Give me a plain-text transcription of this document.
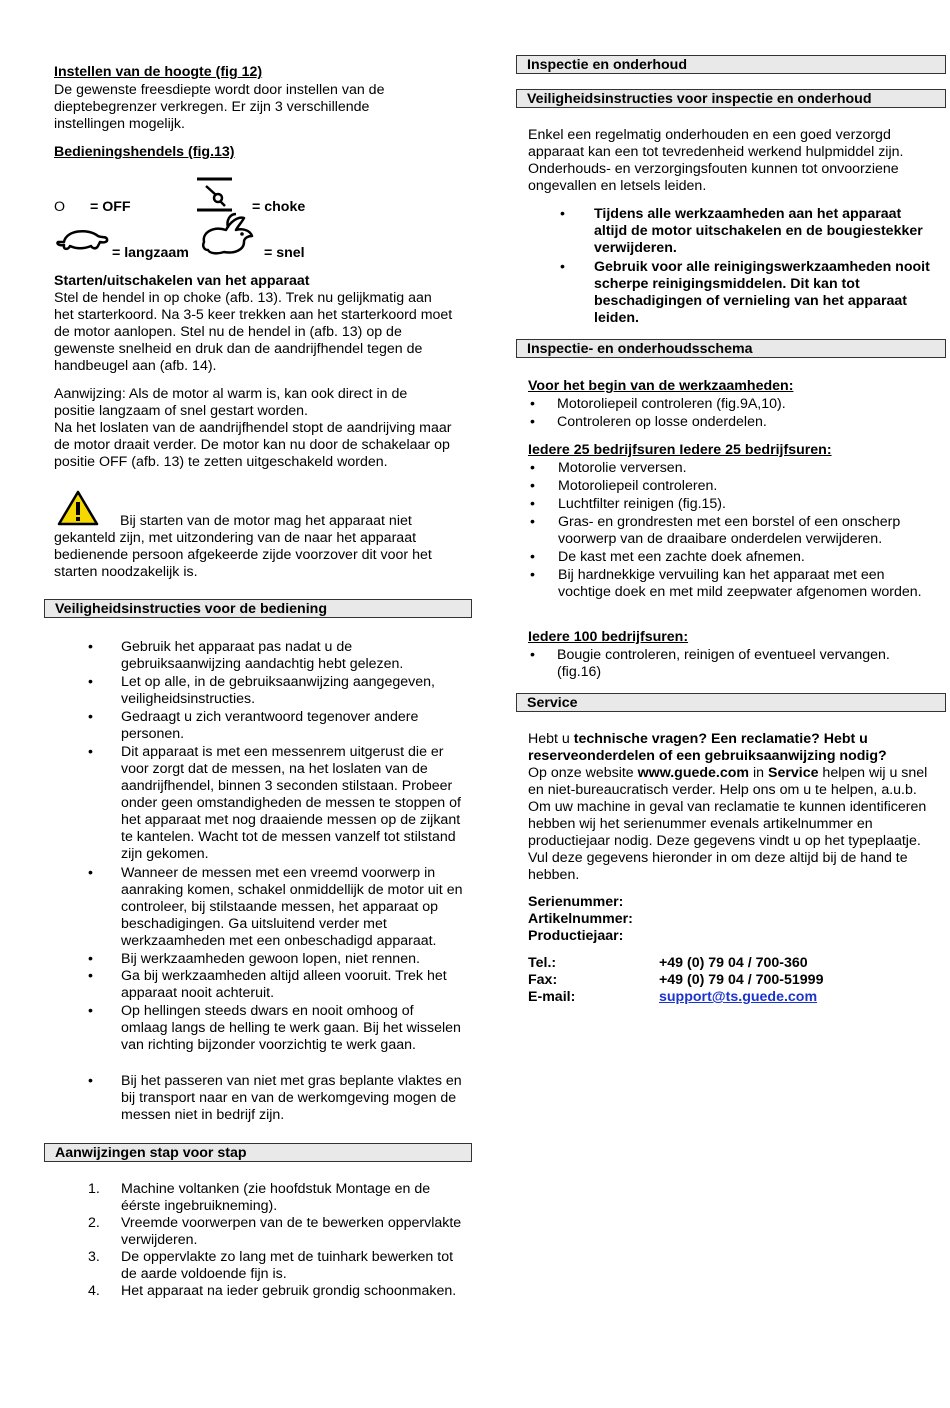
Instellen van de hoogte (fig 12)

De gewenste freesdiepte wordt door instellen van de dieptebegrenzer verkregen. Er zijn 3 verschillende instellingen mogelijk.

Bedieningshendels (fig.13)

O = OFF	= choke
= langzaam	= snel

Starten/uitschakelen van het apparaat

Stel de hendel in op choke (afb. 13). Trek nu gelijkmatig aan het starterkoord. Na 3-5 keer trekken aan het starterkoord moet de motor aanlopen. Stel nu de hendel in (afb. 13) op de gewenste snelheid en druk dan de aandrijfhendel tegen de handbeugel aan (afb. 14).

Aanwijzing: Als de motor al warm is, kan ook direct in de positie langzaam of snel gestart worden.

Na het loslaten van de aandrijfhendel stopt de aandrijving maar de motor draait verder. De motor kan nu door de schakelaar op positie OFF (afb. 13) te zetten uitgeschakeld worden.

Bij starten van de motor mag het apparaat niet gekanteld zijn, met uitzondering van de naar het apparaat bedienende persoon afgekeerde zijde voorzover dit voor het starten noodzakelijk is.

Veiligheidsinstructies voor de bediening
•	Gebruik het apparaat pas nadat u de gebruiksaanwijzing aandachtig hebt gelezen.
•	Let op alle, in de gebruiksaanwijzing aangegeven, veiligheidsinstructies.
•	Gedraagt u zich verantwoord tegenover andere personen.
•	Dit apparaat is met een messenrem uitgerust die er voor zorgt dat de messen, na het loslaten van de aandrijfhendel, binnen 3 seconden stilstaan. Probeer onder geen omstandigheden de messen te stoppen of het apparaat met nog draaiende messen op de zijkant te kantelen. Wacht tot de messen vanzelf tot stilstand zijn gekomen.
•	Wanneer de messen met een vreemd voorwerp in aanraking komen, schakel onmiddellijk de motor uit en controleer, bij stilstaande messen, het apparaat op beschadigingen. Ga uitsluitend verder met werkzaamheden met een onbeschadigd apparaat.
•	Bij werkzaamheden gewoon lopen, niet rennen.
•	Ga bij werkzaamheden altijd alleen vooruit. Trek het apparaat nooit achteruit.
•	Op hellingen steeds dwars en nooit omhoog of omlaag langs de helling te werk gaan. Bij het wisselen van richting bijzonder voorzichtig te werk gaan.
•	Bij het passeren van niet met gras beplante vlaktes en bij transport naar en van de werkomgeving mogen de messen niet in bedrijf zijn.
Aanwijzingen stap voor stap
1.	Machine voltanken (zie hoofdstuk Montage en de éérste ingebruikneming).
2.	Vreemde voorwerpen van de te bewerken oppervlakte verwijderen.
3.	De oppervlakte zo lang met de tuinhark bewerken tot de aarde voldoende fijn is.
4.	Het apparaat na ieder gebruik grondig schoonmaken.
Inspectie en onderhoud
Veiligheidsinstructies voor inspectie en onderhoud

Enkel een regelmatig onderhouden en een goed verzorgd apparaat kan een tot tevredenheid werkend hulpmiddel zijn. Onderhouds- en verzorgingsfouten kunnen tot onvoorziene ongevallen en letsels leiden.

•	Tijdens alle werkzaamheden aan het apparaat altijd de motor uitschakelen en de bougiestekker verwijderen.
•	Gebruik voor alle reinigingswerkzaamheden nooit scherpe reinigingsmiddelen. Dit kan tot beschadigingen of vernieling van het apparaat leiden.
Inspectie- en onderhoudsschema

Voor het begin van de werkzaamheden:

•	Motoroliepeil controleren (fig.9A,10).
•	Controleren op losse onderdelen.

Iedere 25 bedrijfsuren Iedere 25 bedrijfsuren:

•	Motorolie verversen.
•	Motoroliepeil controleren.
•	Luchtfilter reinigen (fig.15).
•	Gras- en grondresten met een borstel of een onscherp voorwerp van de draaibare onderdelen verwijderen.
•	De kast met een zachte doek afnemen.
•	Bij hardnekkige vervuiling kan het apparaat met een vochtige doek en met mild zeepwater afgenomen worden.

Iedere 100 bedrijfsuren:

•	Bougie controleren, reinigen of eventueel vervangen. (fig.16)
Service

Hebt u technische vragen? Een reclamatie? Hebt u reserveonderdelen of een gebruiksaanwijzing nodig?

Op onze website www.guede.com in Service helpen wij u snel en niet-bureaucratisch verder. Help ons om u te helpen, a.u.b. Om uw machine in geval van reclamatie te kunnen identificeren hebben wij het serienummer evenals artikelnummer en productiejaar nodig. Deze gegevens vindt u op het typeplaatje. Vul deze gegevens hieronder in om deze altijd bij de hand te hebben.

Serienummer:

Artikelnummer:

Productiejaar:

Tel.:	+49 (0) 79 04 / 700-360

Fax:	+49 (0) 79 04 / 700-51999

E-mail:	support@ts.guede.com
